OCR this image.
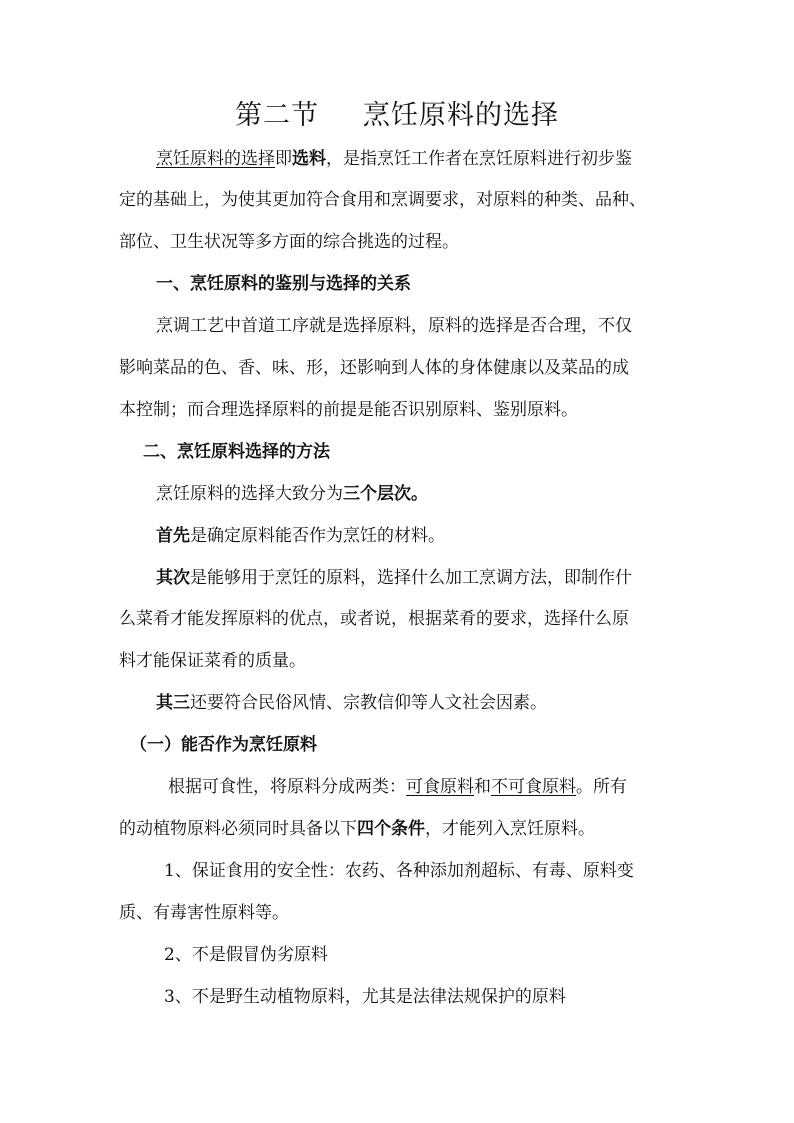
第二节 烹饪原料的选择
烹饪原料的选择即选料，是指烹饪工作者在烹饪原料进行初步鉴
定的基础上，为使其更加符合食用和烹调要求，对原料的种类、品种、
部位、卫生状况等多方面的综合挑选的过程。
一、烹饪原料的鉴别与选择的关系
烹调工艺中首道工序就是选择原料，原料的选择是否合理，不仅
影响菜品的色、香、味、形，还影响到人体的身体健康以及菜品的成
本控制；而合理选择原料的前提是能否识别原料、鉴别原料。
二、烹饪原料选择的方法
烹饪原料的选择大致分为三个层次。
首先是确定原料能否作为烹饪的材料。
其次是能够用于烹饪的原料，选择什么加工烹调方法，即制作什
么菜肴才能发挥原料的优点，或者说，根据菜肴的要求，选择什么原
料才能保证菜肴的质量。
其三还要符合民俗风情、宗教信仰等人文社会因素。
（一）能否作为烹饪原料
根据可食性，将原料分成两类：可食原料和不可食原料。所有
的动植物原料必须同时具备以下四个条件，才能列入烹饪原料。
1、保证食用的安全性：农药、各种添加剂超标、有毒、原料变
质、有毒害性原料等。
2、不是假冒伪劣原料
3、不是野生动植物原料，尤其是法律法规保护的原料
